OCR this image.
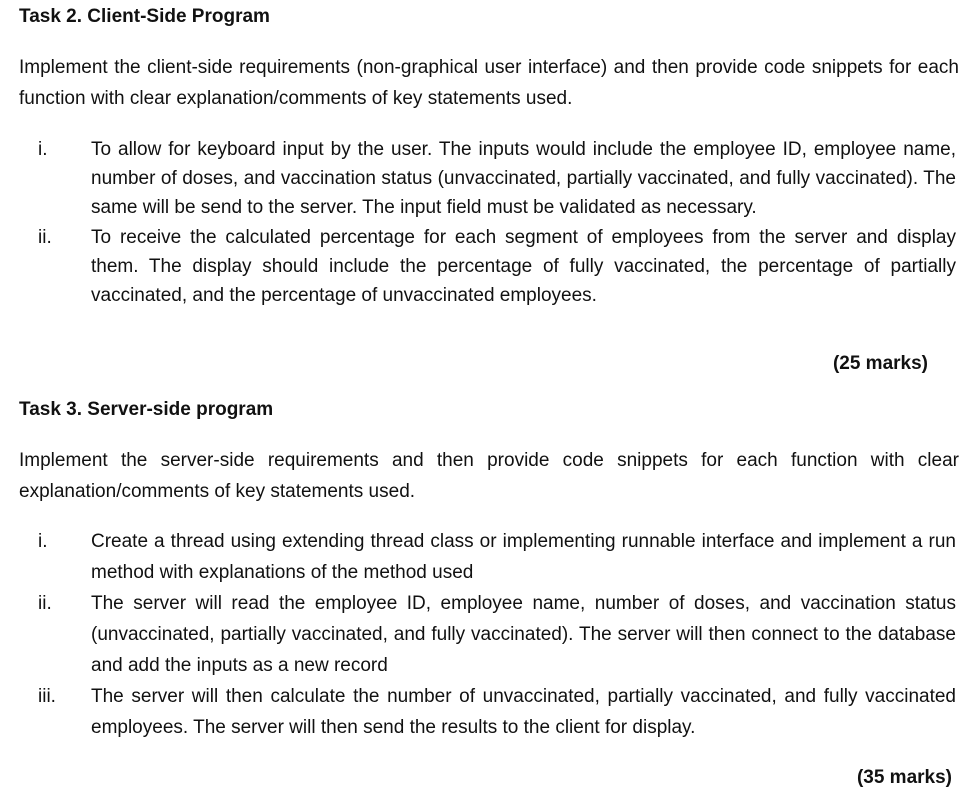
Task 2. Client-Side Program
Implement the client-side requirements (non-graphical user interface) and then provide code snippets for each function with clear explanation/comments of key statements used.
i.	To allow for keyboard input by the user. The inputs would include the employee ID, employee name, number of doses, and vaccination status (unvaccinated, partially vaccinated, and fully vaccinated). The same will be send to the server. The input field must be validated as necessary.
ii.	To receive the calculated percentage for each segment of employees from the server and display them. The display should include the percentage of fully vaccinated, the percentage of partially vaccinated, and the percentage of unvaccinated employees.
(25 marks)
Task 3. Server-side program
Implement the server-side requirements and then provide code snippets for each function with clear explanation/comments of key statements used.
i.	Create a thread using extending thread class or implementing runnable interface and implement a run method with explanations of the method used
ii.	The server will read the employee ID, employee name, number of doses, and vaccination status (unvaccinated, partially vaccinated, and fully vaccinated). The server will then connect to the database and add the inputs as a new record
iii.	The server will then calculate the number of unvaccinated, partially vaccinated, and fully vaccinated employees. The server will then send the results to the client for display.
(35 marks)
